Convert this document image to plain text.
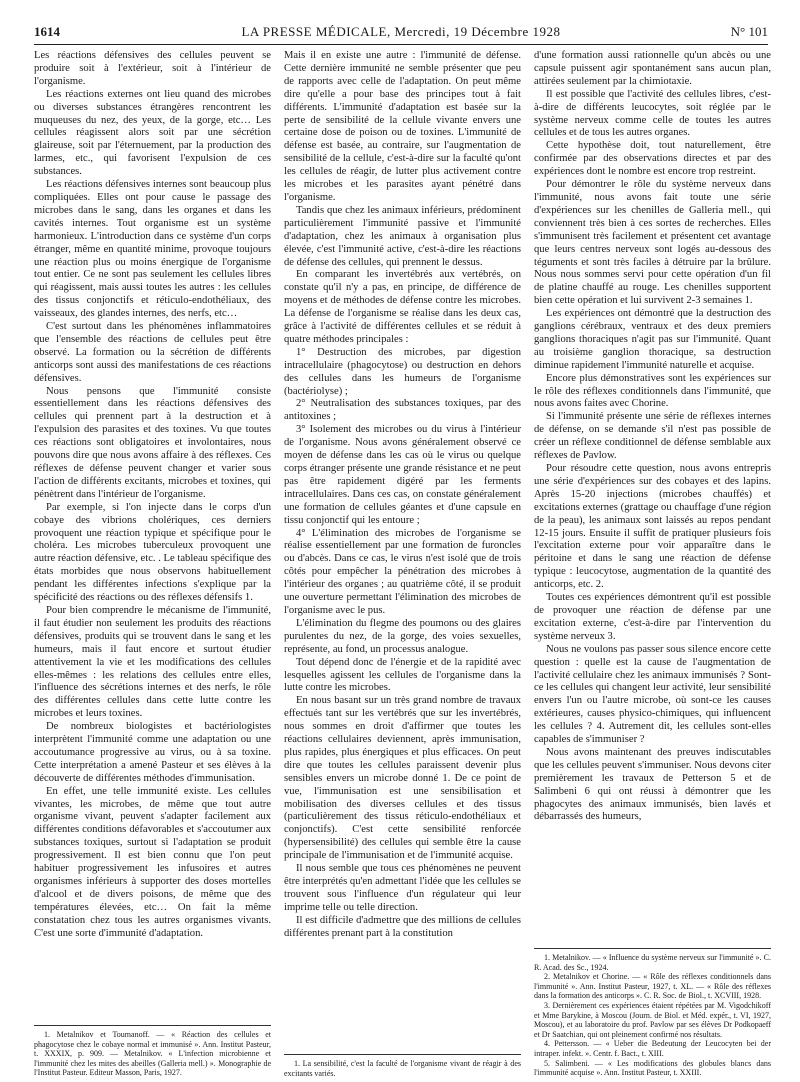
1614	LA PRESSE MÉDICALE, Mercredi, 19 Décembre 1928	N° 101

Les réactions défensives des cellules peuvent se produire soit à l'extérieur, soit à l'intérieur de l'organisme.

Les réactions externes ont lieu quand des microbes ou diverses substances étrangères rencontrent les muqueuses du nez, des yeux, de la gorge, etc… Les cellules réagissent alors soit par une sécrétion glaireuse, soit par l'éternuement, par la production des larmes, etc., qui favorisent l'expulsion de ces substances.

Les réactions défensives internes sont beaucoup plus compliquées. Elles ont pour cause le passage des microbes dans le sang, dans les organes et dans les cavités internes. Tout organisme est un système harmonieux. L'introduction dans ce système d'un corps étranger, même en quantité minime, provoque toujours une réaction plus ou moins énergique de l'organisme tout entier. Ce ne sont pas seulement les cellules libres qui réagissent, mais aussi toutes les autres : les cellules des tissus conjonctifs et réticulo-endothéliaux, des vaisseaux, des glandes internes, des nerfs, etc…

C'est surtout dans les phénomènes inflammatoires que l'ensemble des réactions de cellules peut être observé. La formation ou la sécrétion de différents anticorps sont aussi des manifestations de ces réactions défensives.

Nous pensons que l'immunité consiste essentiellement dans les réactions défensives des cellules qui prennent part à la destruction et à l'expulsion des parasites et des toxines. Vu que toutes ces réactions sont obligatoires et involontaires, nous pouvons dire que nous avons affaire à des réflexes. Ces réflexes de défense peuvent changer et varier sous l'action de différents excitants, microbes et toxines, qui pénètrent dans l'intérieur de l'organisme.

Par exemple, si l'on injecte dans le corps d'un cobaye des vibrions cholériques, ces derniers provoquent une réaction typique et spécifique pour le choléra. Les microbes tuberculeux provoquent une autre réaction défensive, etc. . Le tableau spécifique des états morbides que nous observons habituellement pendant les différentes infections s'explique par la spécificité des réactions ou des réflexes défensifs 1.

Pour bien comprendre le mécanisme de l'immunité, il faut étudier non seulement les produits des réactions défensives, produits qui se trouvent dans le sang et les humeurs, mais il faut encore et surtout étudier attentivement la vie et les modifications des cellules elles-mêmes : les relations des cellules entre elles, l'influence des sécrétions internes et des nerfs, le rôle des différentes cellules dans cette lutte contre les microbes et leurs toxines.

De nombreux biologistes et bactériologistes interprètent l'immunité comme une adaptation ou une accoutumance progressive au virus, ou à sa toxine. Cette interprétation a amené Pasteur et ses élèves à la découverte de différentes méthodes d'immunisation.

En effet, une telle immunité existe. Les cellules vivantes, les microbes, de même que tout autre organisme vivant, peuvent s'adapter facilement aux différentes conditions défavorables et s'accoutumer aux substances toxiques, surtout si l'adaptation se produit progressivement. Il est bien connu que l'on peut habituer progressivement les infusoires et autres organismes inférieurs à supporter des doses mortelles d'alcool et de divers poisons, de même que des températures élevées, etc… On fait la même constatation chez tous les autres organismes vivants. C'est une sorte d'immunité d'adaptation.

Mais il en existe une autre : l'immunité de défense. Cette dernière immunité ne semble présenter que peu de rapports avec celle de l'adaptation. On peut même dire qu'elle a pour base des principes tout à fait différents. L'immunité d'adaptation est basée sur la perte de sensibilité de la cellule vivante envers une certaine dose de poison ou de toxines. L'immunité de défense est basée, au contraire, sur l'augmentation de sensibilité de la cellule, c'est-à-dire sur la faculté qu'ont les cellules de réagir, de lutter plus activement contre les microbes et les parasites ayant pénétré dans l'organisme.

Tandis que chez les animaux inférieurs, prédominent particulièrement l'immunité passive et l'immunité d'adaptation, chez les animaux à organisation plus élevée, c'est l'immunité active, c'est-à-dire les réactions de défense des cellules, qui prennent le dessus.

En comparant les invertébrés aux vertébrés, on constate qu'il n'y a pas, en principe, de différence de moyens et de méthodes de défense contre les microbes. La défense de l'organisme se réalise dans les deux cas, grâce à l'activité de différentes cellules et se réduit à quatre méthodes principales :

1° Destruction des microbes, par digestion intracellulaire (phagocytose) ou destruction en dehors des cellules dans les humeurs de l'organisme (bactériolyse) ;

2° Neutralisation des substances toxiques, par des antitoxines ;

3° Isolement des microbes ou du virus à l'intérieur de l'organisme. Nous avons généralement observé ce moyen de défense dans les cas où le virus ou quelque corps étranger présente une grande résistance et ne peut pas être rapidement digéré par les ferments intracellulaires. Dans ces cas, on constate généralement une formation de cellules géantes et d'une capsule en tissu conjonctif qui les entoure ;

4° L'élimination des microbes de l'organisme se réalise essentiellement par une formation de furoncles ou d'abcès. Dans ce cas, le virus n'est isolé que de trois côtés pour empêcher la pénétration des microbes à l'intérieur des organes ; au quatrième côté, il se produit une ouverture permettant l'élimination des microbes de l'organisme avec le pus.

L'élimination du flegme des poumons ou des glaires purulentes du nez, de la gorge, des voies sexuelles, représente, au fond, un processus analogue.

Tout dépend donc de l'énergie et de la rapidité avec lesquelles agissent les cellules de l'organisme dans la lutte contre les microbes.

En nous basant sur un très grand nombre de travaux effectués tant sur les vertébrés que sur les invertébrés, nous sommes en droit d'affirmer que toutes les réactions cellulaires deviennent, après immunisation, plus rapides, plus énergiques et plus efficaces. On peut dire que toutes les cellules paraissent devenir plus sensibles envers un microbe donné 1. De ce point de vue, l'immunisation est une sensibilisation et mobilisation des diverses cellules et des tissus (particulièrement des tissus réticulo-endothéliaux et conjonctifs). C'est cette sensibilité renforcée (hypersensibilité) des cellules qui semble être la cause principale de l'immunisation et de l'immunité acquise.

Il nous semble que tous ces phénomènes ne peuvent être interprétés qu'en admettant l'idée que les cellules se trouvent sous l'influence d'un régulateur qui leur imprime telle ou telle direction.

Il est difficile d'admettre que des millions de cellules différentes prenant part à la constitution

d'une formation aussi rationnelle qu'un abcès ou une capsule puissent agir spontanément sans aucun plan, attirées seulement par la chimiotaxie.

Il est possible que l'activité des cellules libres, c'est-à-dire de différents leucocytes, soit réglée par le système nerveux comme celle de toutes les autres cellules et de tous les autres organes.

Cette hypothèse doit, tout naturellement, être confirmée par des observations directes et par des expériences dont le nombre est encore trop restreint.

Pour démontrer le rôle du système nerveux dans l'immunité, nous avons fait toute une série d'expériences sur les chenilles de Galleria mell., qui conviennent très bien à ces sortes de recherches. Elles s'immunisent très facilement et présentent cet avantage que leurs centres nerveux sont logés au-dessous des téguments et sont très faciles à détruire par la brûlure. Nous nous sommes servi pour cette opération d'un fil de platine chauffé au rouge. Les chenilles supportent bien cette opération et lui survivent 2-3 semaines 1.

Les expériences ont démontré que la destruction des ganglions cérébraux, ventraux et des deux premiers ganglions thoraciques n'agit pas sur l'immunité. Quant au troisième ganglion thoracique, sa destruction diminue rapidement l'immunité naturelle et acquise.

Encore plus démonstratives sont les expériences sur le rôle des réflexes conditionnels dans l'immunité, que nous avons faites avec Chorine.

Si l'immunité présente une série de réflexes internes de défense, on se demande s'il n'est pas possible de créer un réflexe conditionnel de défense semblable aux réflexes de Pavlow.

Pour résoudre cette question, nous avons entrepris une série d'expériences sur des cobayes et des lapins. Après 15-20 injections (microbes chauffés) et excitations externes (grattage ou chauffage d'une région de la peau), les animaux sont laissés au repos pendant 12-15 jours. Ensuite il suffit de pratiquer plusieurs fois l'excitation externe pour voir apparaître dans le péritoine et dans le sang une réaction de défense typique : leucocytose, augmentation de la quantité des anticorps, etc. 2.

Toutes ces expériences démontrent qu'il est possible de provoquer une réaction de défense par une excitation externe, c'est-à-dire par l'intervention du système nerveux 3.

Nous ne voulons pas passer sous silence encore cette question : quelle est la cause de l'augmentation de l'activité cellulaire chez les animaux immunisés ? Sont-ce les cellules qui changent leur activité, leur sensibilité envers l'un ou l'autre microbe, où sont-ce les causes extérieures, causes physico-chimiques, qui influencent les cellules ? 4. Autrement dit, les cellules sont-elles capables de s'immuniser ?

Nous avons maintenant des preuves indiscutables que les cellules peuvent s'immuniser. Nous devons citer premièrement les travaux de Petterson 5 et de Salimbeni 6 qui ont réussi à démontrer que les phagocytes des animaux immunisés, bien lavés et débarrassés des humeurs,

1. Metalnikov et Toumanoff. — « Réaction des cellules et phagocytose chez le cobaye normal et immunisé ». Ann. Institut Pasteur, t. XXXIX, p. 909. — Metalnikov. « L'infection microbienne et l'immunité chez les mites des abeilles (Galleria mell.) ». Monographie de l'Institut Pasteur. Editeur Masson, Paris, 1927.

1. La sensibilité, c'est la faculté de l'organisme vivant de réagir à des excitants variés.

1. Metalnikov. — « Influence du système nerveux sur l'immunité ». C. R. Acad. des Sc., 1924.

2. Metalnikov et Chorine. — « Rôle des réflexes conditionnels dans l'immunité ». Ann. Institut Pasteur, 1927, t. XL. — « Rôle des réflexes dans la formation des anticorps ». C. R. Soc. de Biol., t. XCVIII, 1928.

3. Dernièrement ces expériences étaient répétées par M. Vigodchikoff et Mme Barykine, à Moscou (Journ. de Biol. et Méd. expér., t. VI, 1927, Moscou), et au laboratoire du prof. Pavlow par ses élèves Dr Podkopaeff et Dr Saatchian, qui ont pleinement confirmé nos résultats.

4. Pettersson. — « Ueber die Bedeutung der Leucocyten bei der intraper. infekt. ». Centr. f. Bact., t. XIII.

5. Salimbeni. — « Les modifications des globules blancs dans l'immunité acquise ». Ann. Institut Pasteur, t. XXIII.
